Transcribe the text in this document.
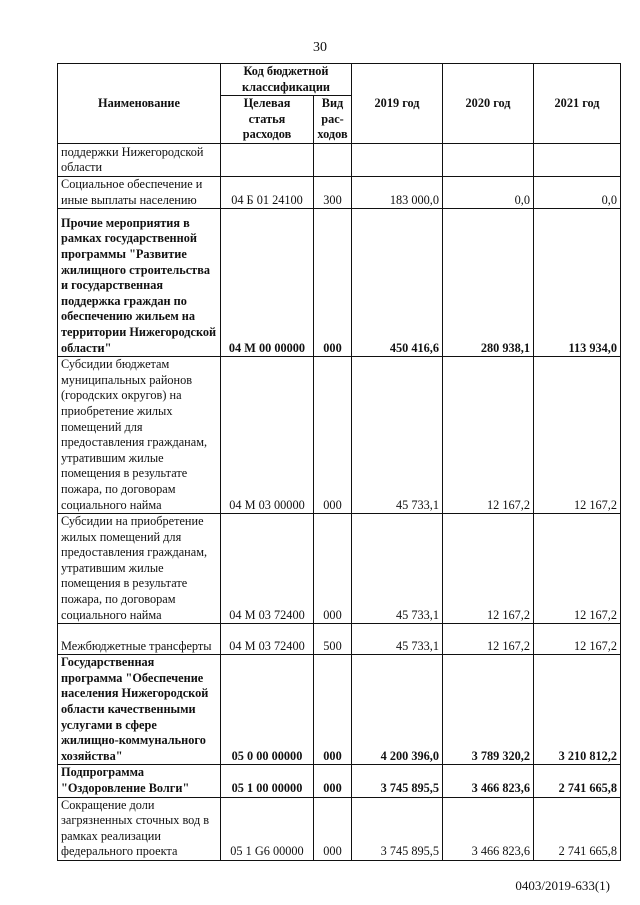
30
Наименование	Код бюджетной классификации		2019 год	2020 год	2021 год
	Целевая статья расходов	Вид рас-ходов			
поддержки Нижегородской области					
Социальное обеспечение и иные выплаты населению	04 Б 01 24100	300	183 000,0	0,0	0,0
Прочие мероприятия в рамках государственной программы "Развитие жилищного строительства и государственная поддержка граждан по обеспечению жильем на территории Нижегородской области"	04 М 00 00000	000	450 416,6	280 938,1	113 934,0
Субсидии бюджетам муниципальных районов (городских округов) на приобретение жилых помещений для предоставления гражданам, утратившим жилые помещения в результате пожара, по договорам социального найма	04 М 03 00000	000	45 733,1	12 167,2	12 167,2
Субсидии на приобретение жилых помещений для предоставления гражданам, утратившим жилые помещения в результате пожара, по договорам социального найма	04 М 03 72400	000	45 733,1	12 167,2	12 167,2
Межбюджетные трансферты	04 М 03 72400	500	45 733,1	12 167,2	12 167,2
Государственная программа "Обеспечение населения Нижегородской области качественными услугами в сфере жилищно-коммунального хозяйства"	05 0 00 00000	000	4 200 396,0	3 789 320,2	3 210 812,2
Подпрограмма "Оздоровление Волги"	05 1 00 00000	000	3 745 895,5	3 466 823,6	2 741 665,8
Сокращение доли загрязненных сточных вод в рамках реализации федерального проекта	05 1 G6 00000	000	3 745 895,5	3 466 823,6	2 741 665,8
0403/2019-633(1)
